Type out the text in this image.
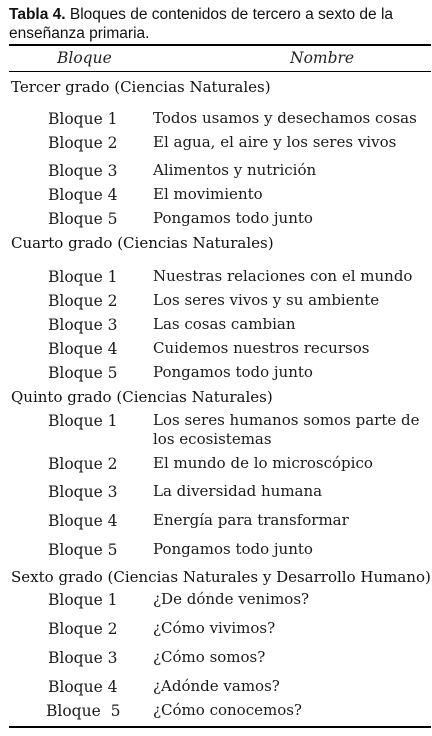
Tabla 4. Bloques de contenidos de tercero a sexto de la enseñanza primaria.
Bloque	Nombre
Tercer grado (Ciencias Naturales)
Bloque 1 Todos usamos y desechamos cosas
Bloque 2 El agua, el aire y los seres vivos
Bloque 3 Alimentos y nutrición
Bloque 4 El movimiento
Bloque 5 Pongamos todo junto
Cuarto grado (Ciencias Naturales)
Bloque 1 Nuestras relaciones con el mundo
Bloque 2 Los seres vivos y su ambiente
Bloque 3 Las cosas cambian
Bloque 4 Cuidemos nuestros recursos
Bloque 5 Pongamos todo junto
Quinto grado (Ciencias Naturales)
Bloque 1 Los seres humanos somos parte de los ecosistemas
Bloque 2 El mundo de lo microscópico
Bloque 3 La diversidad humana
Bloque 4 Energía para transformar
Bloque 5 Pongamos todo junto
Sexto grado (Ciencias Naturales y Desarrollo Humano)
Bloque 1 ¿De dónde venimos?
Bloque 2 ¿Cómo vivimos?
Bloque 3 ¿Cómo somos?
Bloque 4 ¿Adónde vamos?
Bloque  5 ¿Cómo conocemos?
